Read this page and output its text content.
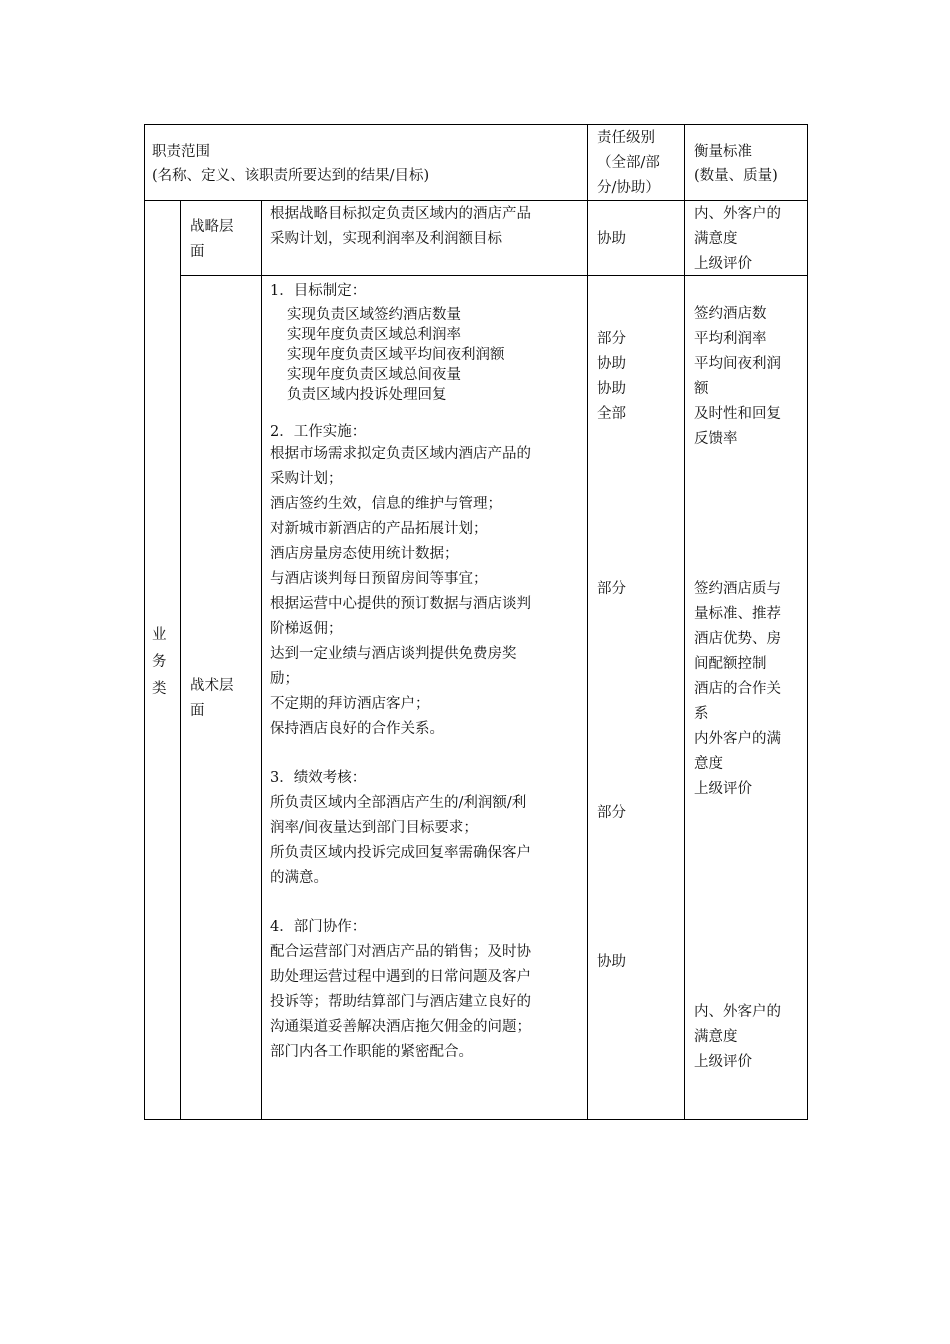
职责范围
(名称、定义、该职责所要达到的结果/目标)
责任级别
（全部/部
分/协助）
衡量标准
(数量、质量)
业务类
战略层
面
根据战略目标拟定负责区域内的酒店产品
采购计划，实现利润率及利润额目标	协助
内、外客户的
满意度
上级评价
战术层
面
1．目标制定：
实现负责区域签约酒店数量
实现年度负责区域总利润率
实现年度负责区域平均间夜利润额
实现年度负责区域总间夜量
负责区域内投诉处理回复
部分
协助
协助
全部
签约酒店数
平均利润率
平均间夜利润
额
及时性和回复
反馈率
2．工作实施：
根据市场需求拟定负责区域内酒店产品的
采购计划；
酒店签约生效，信息的维护与管理；
对新城市新酒店的产品拓展计划；
酒店房量房态使用统计数据；
与酒店谈判每日预留房间等事宜；
根据运营中心提供的预订数据与酒店谈判
阶梯返佣；
达到一定业绩与酒店谈判提供免费房奖
励；
不定期的拜访酒店客户；
保持酒店良好的合作关系。
部分	签约酒店质与
量标准、推荐
酒店优势、房
间配额控制
酒店的合作关
系
内外客户的满
意度
上级评价
3．绩效考核：
所负责区域内全部酒店产生的/利润额/利
润率/间夜量达到部门目标要求；
所负责区域内投诉完成回复率需确保客户
的满意。
部分
4．部门协作：
配合运营部门对酒店产品的销售；及时协
助处理运营过程中遇到的日常问题及客户
投诉等；帮助结算部门与酒店建立良好的
沟通渠道妥善解决酒店拖欠佣金的问题；
部门内各工作职能的紧密配合。
协助
内、外客户的
满意度
上级评价
